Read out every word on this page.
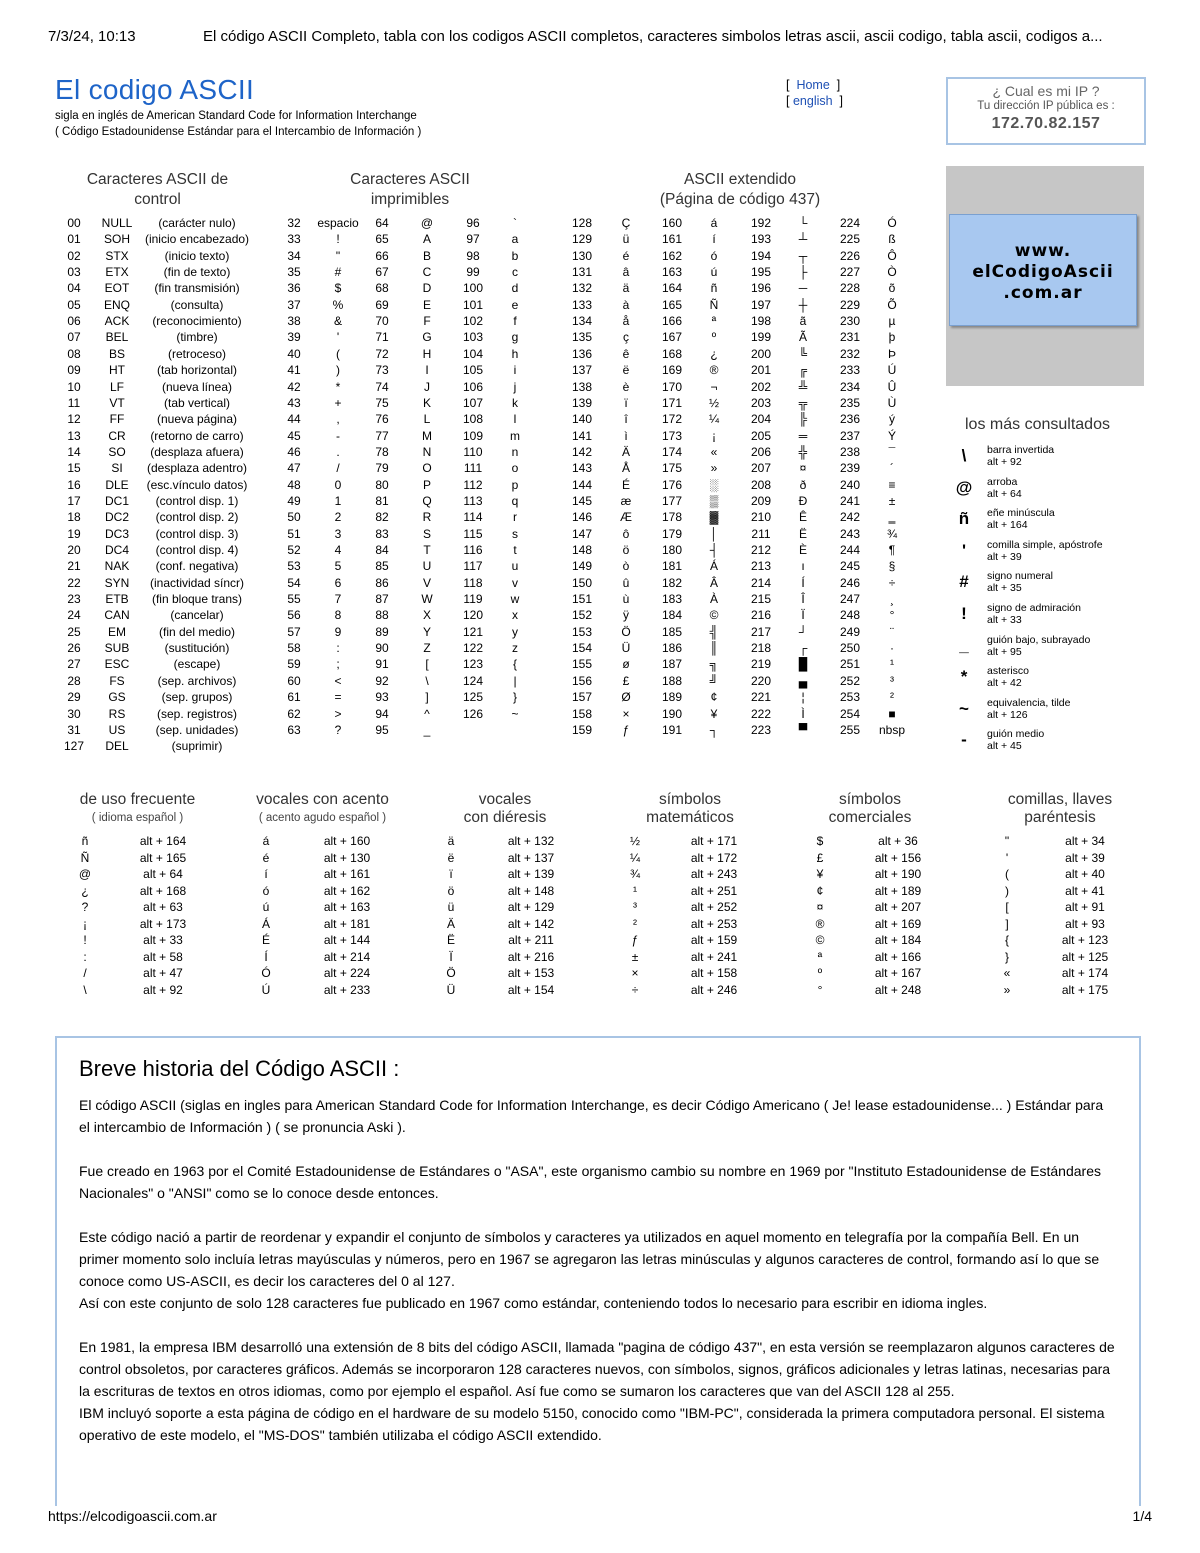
7/3/24, 10:13	El código ASCII Completo, tabla con los codigos ASCII completos, caracteres simbolos letras ascii, ascii codigo, tabla ascii, codigos a...
El codigo ASCII
sigla en inglés de American Standard Code for Information Interchange
( Código Estadounidense Estándar para el Intercambio de Información )
[ Home ]
[ english ]
¿ Cual es mi IP ?
Tu dirección IP pública es :
172.70.82.157
www.
elCodigoAscii
.com.ar
Caracteres ASCII de
control
Caracteres ASCII
imprimibles
ASCII extendido
(Página de código 437)
00 NULL (carácter nulo)
01 SOH (inicio encabezado)
02 STX	(inicio texto)
03 ETX	(fin de texto)
04 EOT (fin transmisión)
05 ENQ	(consulta)
06 ACK (reconocimiento)
07 BEL	(timbre)
08 BS	(retroceso)
09 HT	(tab horizontal)
10 LF	(nueva línea)
11 VT	(tab vertical)
12 FF	(nueva página)
13 CR (retorno de carro)
14 SO (desplaza afuera)
15	SI (desplaza adentro)
16 DLE (esc.vínculo datos)
17 DC1 (control disp. 1)
18 DC2 (control disp. 2)
19 DC3 (control disp. 3)
20 DC4 (control disp. 4)
21 NAK (conf. negativa)
22 SYN (inactividad síncr)
23 ETB (fin bloque trans)
24 CAN	(cancelar)
25 EM	(fin del medio)
26 SUB	(sustitución)
27 ESC	(escape)
28 FS	(sep. archivos)
29 GS	(sep. grupos)
30 RS	(sep. registros)
31 US	(sep. unidades)
127 DEL	(suprimir)
32 espacio 64	@	96	`
33	!	65	A	97	a
34	"	66	B	98	b
35	#	67	C	99	c
36	$	68	D	100 d
37	%	69	E	101 e
38	&	70	F	102	f
39	'	71	G	103 g
40	(	72	H	104 h
41	)	73	I	105	i
42	*	74	J	106	j
43	+	75	K	107 k
44	,	76	L	108	l
45	-	77	M	109 m
46	.	78	N	110 n
47	/	79	O	111 o
48	0	80	P	112 p
49	1	81	Q	113 q
50	2	82	R	114	r
51	3	83	S	115 s
52	4	84	T	116	t
53	5	85	U	117 u
54	6	86	V	118 v
55	7	87	W	119 w
56	8	88	X	120 x
57	9	89	Y	121 y
58	:	90	Z	122 z
59	;	91	[	123 {
60	<	92	\	124	|
61	=	93	]	125 }
62	>	94	^	126 ~
63	?	95	_
128 Ç	160 á	192 └	224 Ó
129	ü	161	í	193 ┴	225 ß
130	é	162 ó	194 ┬	226 Ô
131	â	163 ú	195 ├	227 Ò
132	ä	164 ñ	196 ─	228 õ
133	à	165 Ñ	197 ┼	229 Õ
134	å	166 ª	198 ã	230 µ
135	ç	167 º	199 Ã	231 þ
136	ê	168 ¿	200 ╚	232 Þ
137	ë	169 ®	201 ╔	233 Ú
138	è	170 ¬	202 ╩	234 Û
139	ï	171 ½	203 ╦	235 Ù
140	î	172 ¼	204 ╠	236 ý
141	ì	173 ¡	205 ═	237 Ý
142 Ä	174 «	206 ╬	238 ¯
143 Å	175 »	207 ¤	239 ´
144 É	176 ░	208 ð	240 ≡
145 æ	177 ▒	209 Ð	241 ±
146 Æ 178 ▓	210 Ê	242 ‗
147	ô	179 │	211 Ë	243 ¾
148	ö	180 ┤	212 È	244 ¶
149	ò	181 Á	213	ı	245 §
150	û	182 Â	214	Í	246 ÷
151	ù	183 À	215	Î	247 ¸
152	ÿ	184 ©	216	Ï	248 °
153 Ö	185 ╣	217 ┘	249 ¨
154 Ü	186 ║	218 ┌	250 ·
155	ø	187 ╗	219 █	251 ¹
156	£	188 ╝	220 ▄	252 ³
157 Ø	189 ¢	221	¦	253 ²
158	×	190 ¥	222	Ì	254 ■
159	ƒ	191 ┐	223 ▀	255 nbsp
los más consultados
\	barra invertida
alt + 92
@ arroba
alt + 64
ñ	eñe minúscula
alt + 164
'	comilla simple, apóstrofe
alt + 39
#	signo numeral
alt + 35
!	signo de admiración
alt + 33
_	guión bajo, subrayado
alt + 95
*	asterisco
alt + 42
~	equivalencia, tilde
alt + 126
-	guión medio
alt + 45
de uso frecuente
( idioma español )
ñ	alt + 164
Ñ	alt + 165
@	alt + 64
¿	alt + 168
?	alt + 63
¡	alt + 173
!	alt + 33
:	alt + 58
/	alt + 47
\	alt + 92
vocales con acento
( acento agudo español )
á	alt + 160
é	alt + 130
í	alt + 161
ó	alt + 162
ú	alt + 163
Á	alt + 181
É	alt + 144
Í	alt + 214
Ó	alt + 224
Ú	alt + 233
vocales
con diéresis
ä	alt + 132
ë	alt + 137
ï	alt + 139
ö	alt + 148
ü	alt + 129
Ä	alt + 142
Ë	alt + 211
Ï	alt + 216
Ö	alt + 153
Ü	alt + 154
símbolos
matemáticos
½	alt + 171
¼	alt + 172
¾	alt + 243
¹	alt + 251
³	alt + 252
²	alt + 253
ƒ	alt + 159
±	alt + 241
×	alt + 158
÷	alt + 246
símbolos
comerciales
$	alt + 36
£	alt + 156
¥	alt + 190
¢	alt + 189
¤	alt + 207
®	alt + 169
©	alt + 184
ª	alt + 166
º	alt + 167
°	alt + 248
comillas, llaves
paréntesis
"	alt + 34
'	alt + 39
(	alt + 40
)	alt + 41
[	alt + 91
]	alt + 93
{	alt + 123
}	alt + 125
«	alt + 174
»	alt + 175
Breve historia del Código ASCII :

El código ASCII (siglas en ingles para American Standard Code for Information Interchange, es decir Código Americano ( Je! lease estadounidense... ) Estándar para el intercambio de Información ) ( se pronuncia Aski ).

Fue creado en 1963 por el Comité Estadounidense de Estándares o "ASA", este organismo cambio su nombre en 1969 por "Instituto Estadounidense de Estándares Nacionales" o "ANSI" como se lo conoce desde entonces.

Este código nació a partir de reordenar y expandir el conjunto de símbolos y caracteres ya utilizados en aquel momento en telegrafía por la compañía Bell. En un primer momento solo incluía letras mayúsculas y números, pero en 1967 se agregaron las letras minúsculas y algunos caracteres de control, formando así lo que se conoce como US-ASCII, es decir los caracteres del 0 al 127.

Así con este conjunto de solo 128 caracteres fue publicado en 1967 como estándar, conteniendo todos lo necesario para escribir en idioma ingles.

En 1981, la empresa IBM desarrolló una extensión de 8 bits del código ASCII, llamada "pagina de código 437", en esta versión se reemplazaron algunos caracteres de control obsoletos, por caracteres gráficos. Además se incorporaron 128 caracteres nuevos, con símbolos, signos, gráficos adicionales y letras latinas, necesarias para la escrituras de textos en otros idiomas, como por ejemplo el español. Así fue como se sumaron los caracteres que van del ASCII 128 al 255.

IBM incluyó soporte a esta página de código en el hardware de su modelo 5150, conocido como "IBM-PC", considerada la primera computadora personal. El sistema operativo de este modelo, el "MS-DOS" también utilizaba el código ASCII extendido.

https://elcodigoascii.com.ar	1/4
